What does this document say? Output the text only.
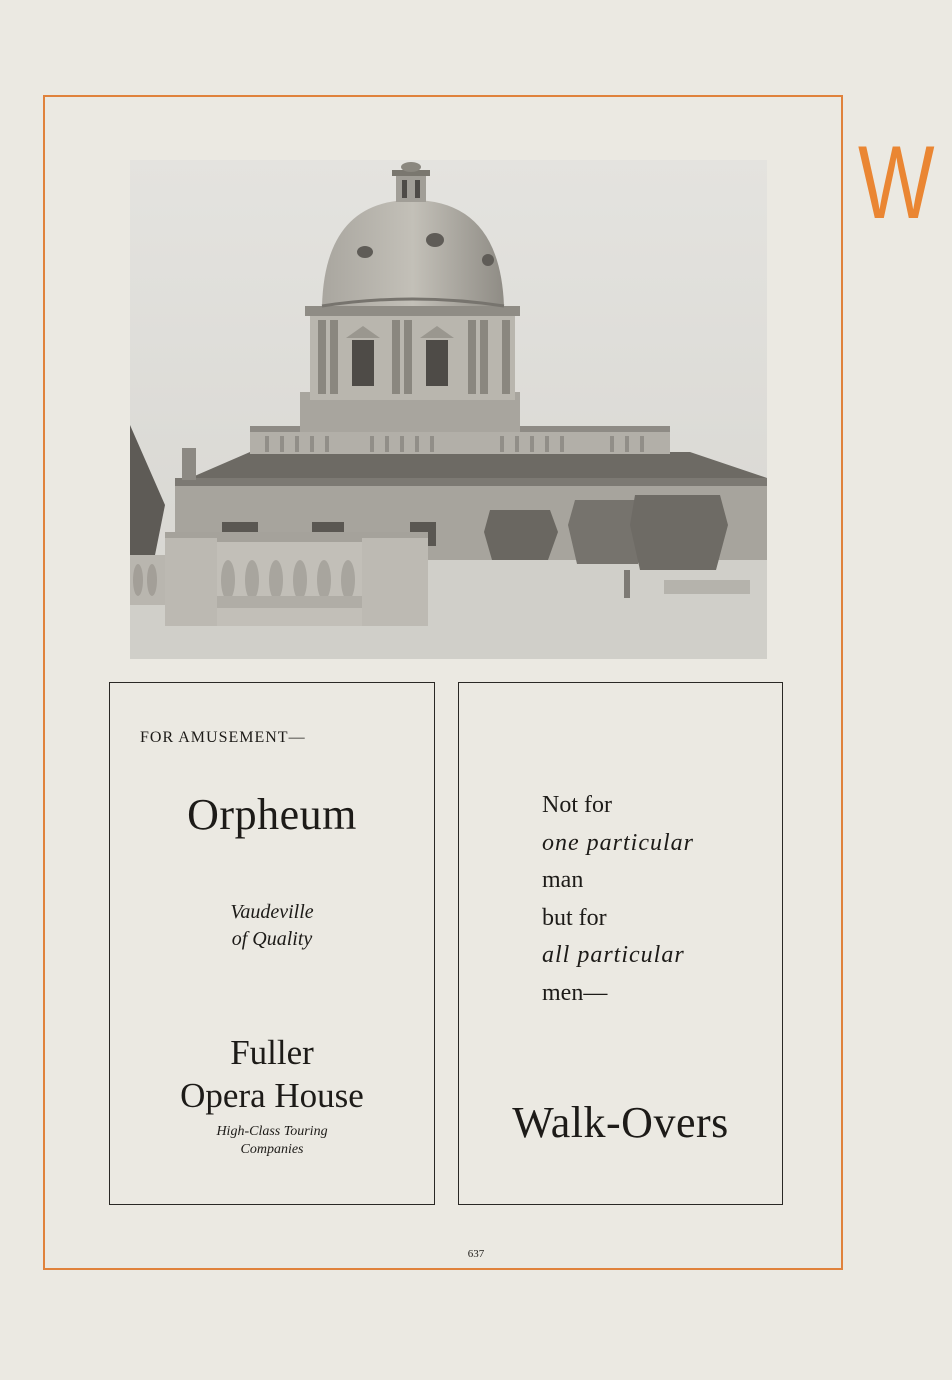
W
FOR AMUSEMENT—
Orpheum
Vaudeville
of Quality
Fuller
Opera House
High-Class Touring
Companies
Not for
one particular
man
but for
all particular
men—
Walk-Overs
637
